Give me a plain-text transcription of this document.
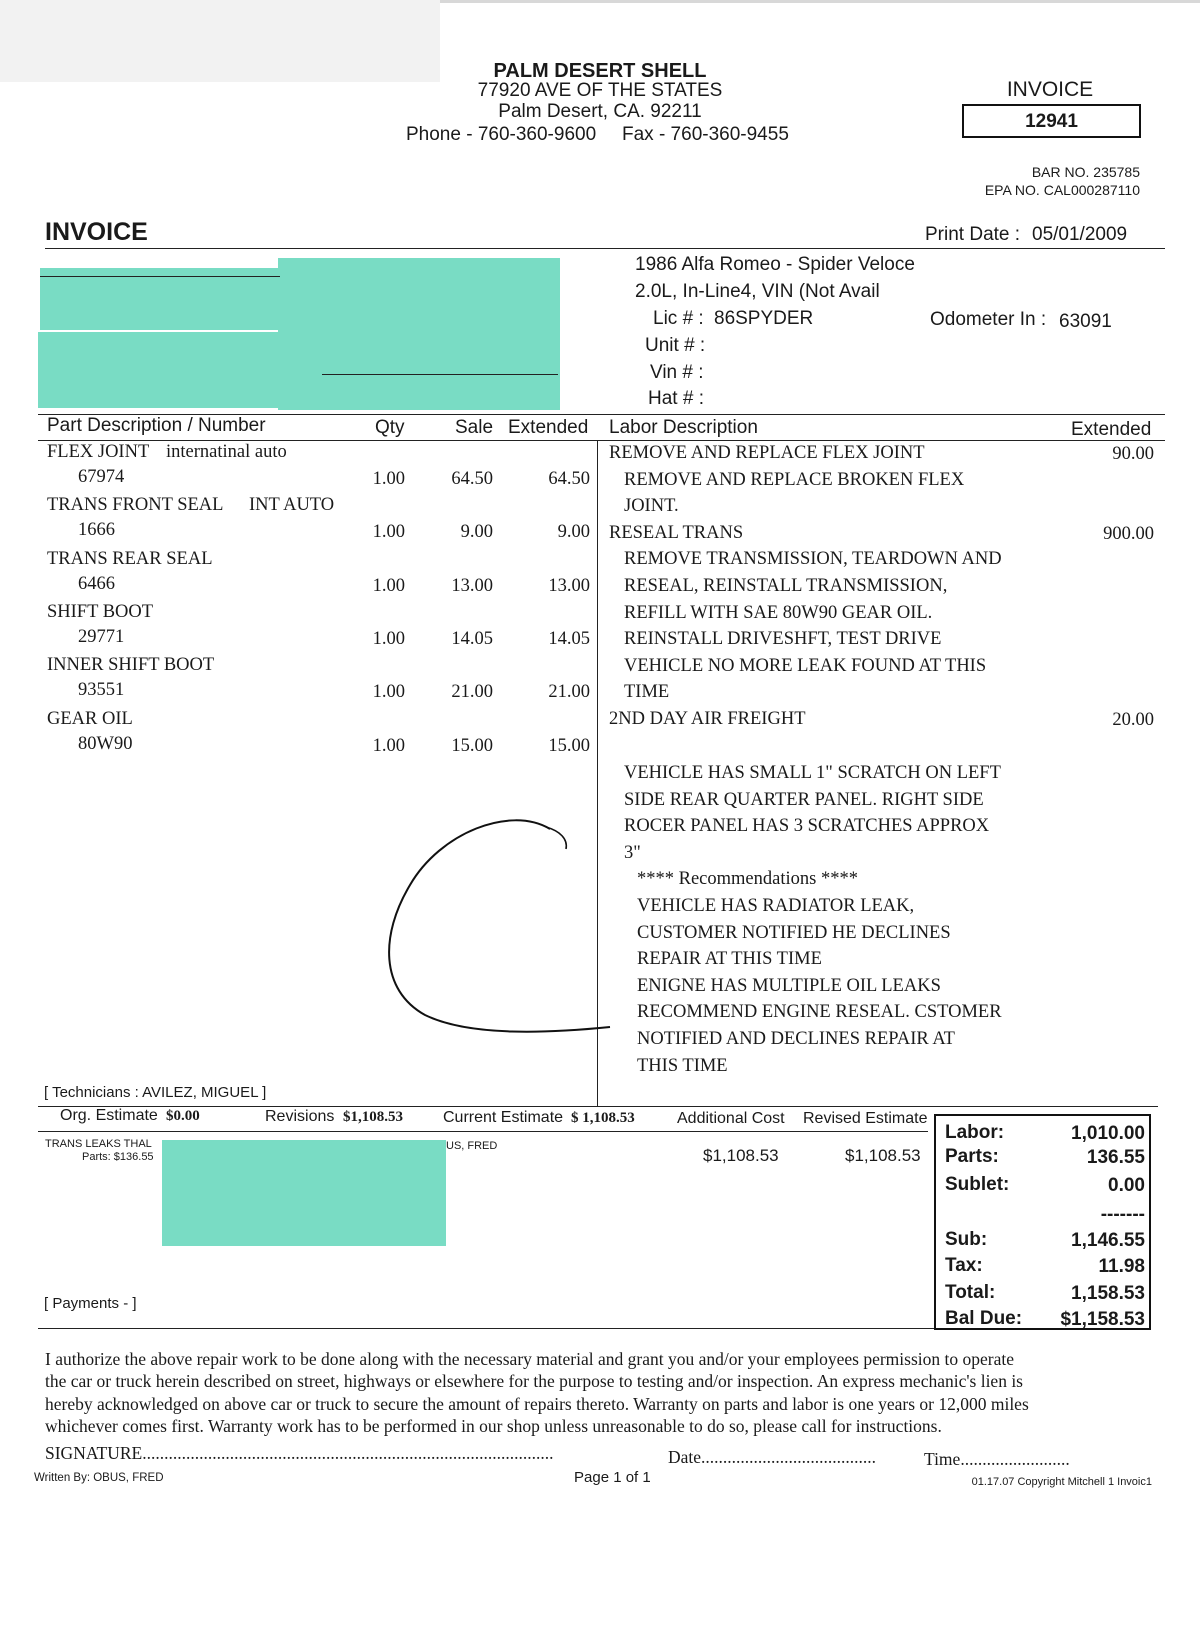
PALM DESERT SHELL
77920 AVE OF THE STATES
Palm Desert, CA. 92211
Phone - 760-360-9600 Fax - 760-360-9455
INVOICE
12941
BAR NO. 235785
EPA NO. CAL000287110
INVOICE	Print Date : 05/01/2009
1986 Alfa Romeo - Spider Veloce
2.0L, In-Line4, VIN (Not Avail
Lic # : 86SPYDER	Odometer In : 63091
Unit # :
Vin # :
Hat # :
Part Description / Number	Qty	Sale Extended Labor Description	Extended
FLEX JOINT internatinal auto
67974	1.00	64.50	64.50
TRANS FRONT SEAL INT AUTO
1666	1.00	9.00	9.00
TRANS REAR SEAL
6466	1.00	13.00	13.00
SHIFT BOOT
29771	1.00	14.05	14.05
INNER SHIFT BOOT
93551	1.00	21.00	21.00
GEAR OIL
80W90	1.00	15.00	15.00
REMOVE AND REPLACE FLEX JOINT	90.00
REMOVE AND REPLACE BROKEN FLEX
JOINT.
RESEAL TRANS	900.00
REMOVE TRANSMISSION, TEARDOWN AND
RESEAL, REINSTALL TRANSMISSION,
REFILL WITH SAE 80W90 GEAR OIL.
REINSTALL DRIVESHFT, TEST DRIVE
VEHICLE NO MORE LEAK FOUND AT THIS
TIME
2ND DAY AIR FREIGHT	20.00
VEHICLE HAS SMALL 1" SCRATCH ON LEFT
SIDE REAR QUARTER PANEL. RIGHT SIDE
ROCER PANEL HAS 3 SCRATCHES APPROX
3"
**** Recommendations ****
VEHICLE HAS RADIATOR LEAK,
CUSTOMER NOTIFIED HE DECLINES
REPAIR AT THIS TIME
ENIGNE HAS MULTIPLE OIL LEAKS
RECOMMEND ENGINE RESEAL. CSTOMER
NOTIFIED AND DECLINES REPAIR AT
THIS TIME
[ Technicians : AVILEZ, MIGUEL ]
Org. Estimate $0.00	Revisions $1,108.53	Current Estimate $ 1,108.53	Additional Cost Revised Estimate
TRANS LEAKS THAL
Parts: $136.55
US, FRED	$1,108.53	$1,108.53
[ Payments - ]
Labor:	1,010.00
Parts:	136.55
Sublet:	0.00
-------
Sub:	1,146.55
Tax:	11.98
Total:	1,158.53
Bal Due:	$1,158.53
I authorize the above repair work to be done along with the necessary material and grant you and/or your employees permission to operate
the car or truck herein described on street, highways or elsewhere for the purpose to testing and/or inspection. An express mechanic's lien is
hereby acknowledged on above car or truck to secure the amount of repairs thereto. Warranty on parts and labor is one years or 12,000 miles
whichever comes first. Warranty work has to be performed in our shop unless unreasonable to do so, please call for instructions.
SIGNATURE..............................................................................................	Date........................................	Time.........................
Written By: OBUS, FRED	Page 1 of 1	01.17.07 Copyright Mitchell 1 Invoic1
